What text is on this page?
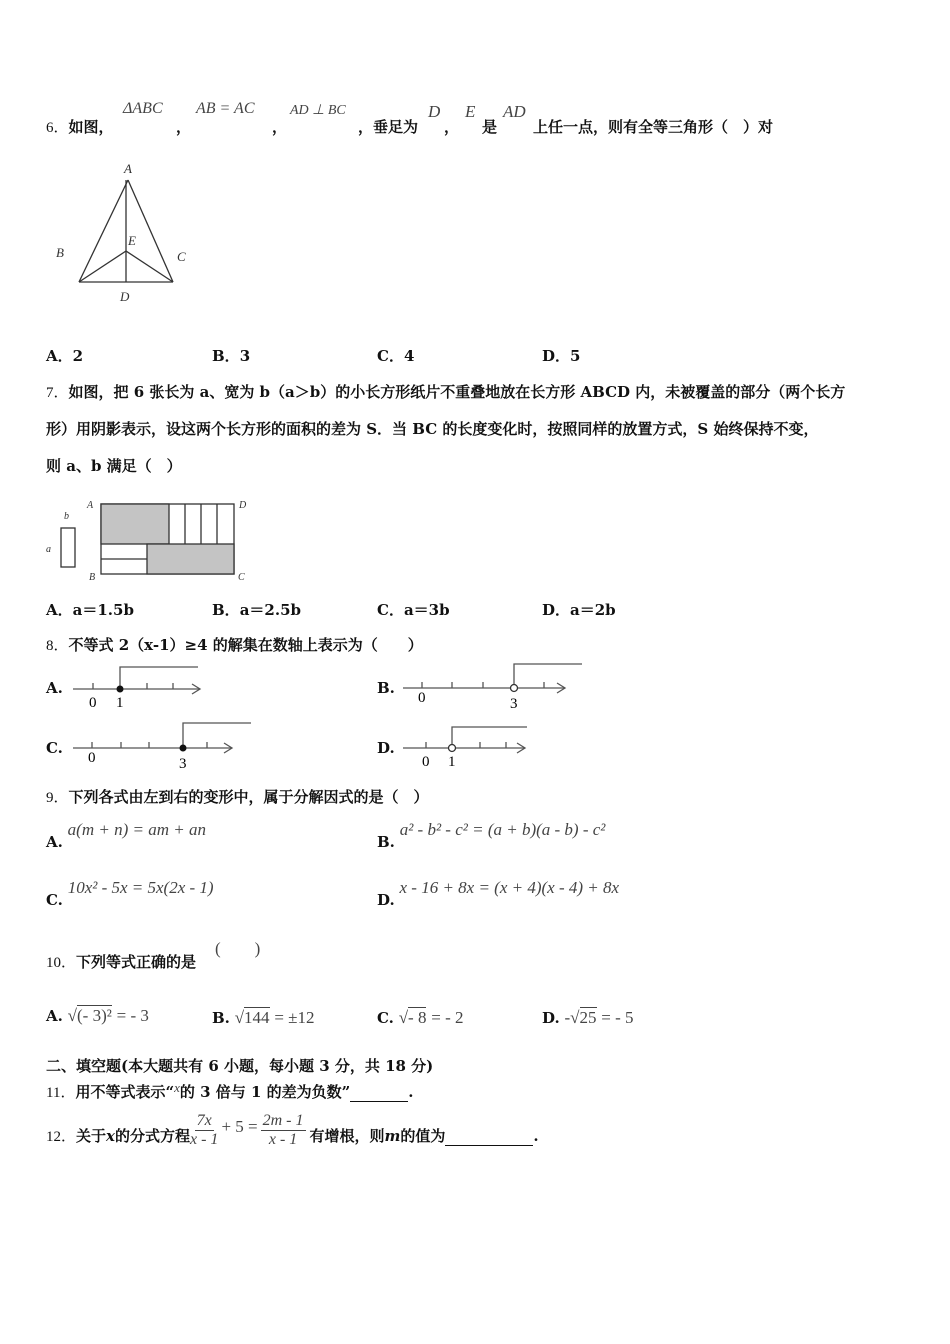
6．如图，
ΔABC
，
AB = AC
，
AD ⊥ BC
，垂足为
D
，
E
是
AD
上任一点，则有全等三角形（　）对
A
B	C
D
E
A．2	B．3	C．4	D．5
7．如图，把 6 张长为 a、宽为 b（a＞b）的小长方形纸片不重叠地放在长方形 ABCD 内，未被覆盖的部分（两个长方
形）用阴影表示，设这两个长方形的面积的差为 S．当 BC 的长度变化时，按照同样的放置方式，S 始终保持不变，
则 a、b 满足（　）
b
a
A	D
B	C
A．a＝1.5b	B．a＝2.5b	C．a＝3b	D．a＝2b
8．不等式 2（x-1）≥4 的解集在数轴上表示为（　　）
A.
0 1
B.
0	3
C.
0	3
D.
0 1
9．下列各式由左到右的变形中，属于分解因式的是（　）
A. a(m + n) = am + an
B. a² - b² - c² = (a + b)(a - b) - c²
C. 10x² - 5x = 5x(2x - 1)
D. x - 16 + 8x = (x + 4)(x - 4) + 8x
10．下列等式正确的是
(　　)
A. √(- 3)² = - 3	B. √144 = ±12	C. √- 8 = - 2	D. -√25 = - 5
二、填空题(本大题共有 6 小题，每小题 3 分，共 18 分)
11．用不等式表示“x的 3 倍与 1 的差为负数”	.
12．关于x的分式方程 $\frac{7x}{x - 1} + 5 = \frac{2m - 1}{x - 1}$ 有增根，则m的值为	.
